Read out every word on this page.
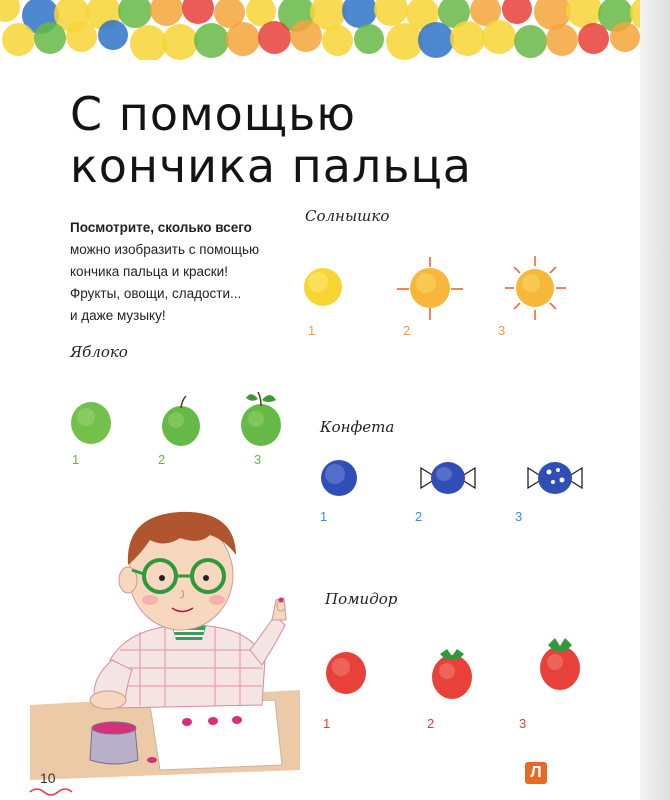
С помощью
кончика пальца

Посмотрите, сколько всего
можно изобразить с помощью
кончика пальца и краски!
Фрукты, овощи, сладости...
и даже музыку!

Солнышко
Яблоко
Конфета
Помидор
1	2	3
1	2	3
1	2	3
1	2	3
10	Л
